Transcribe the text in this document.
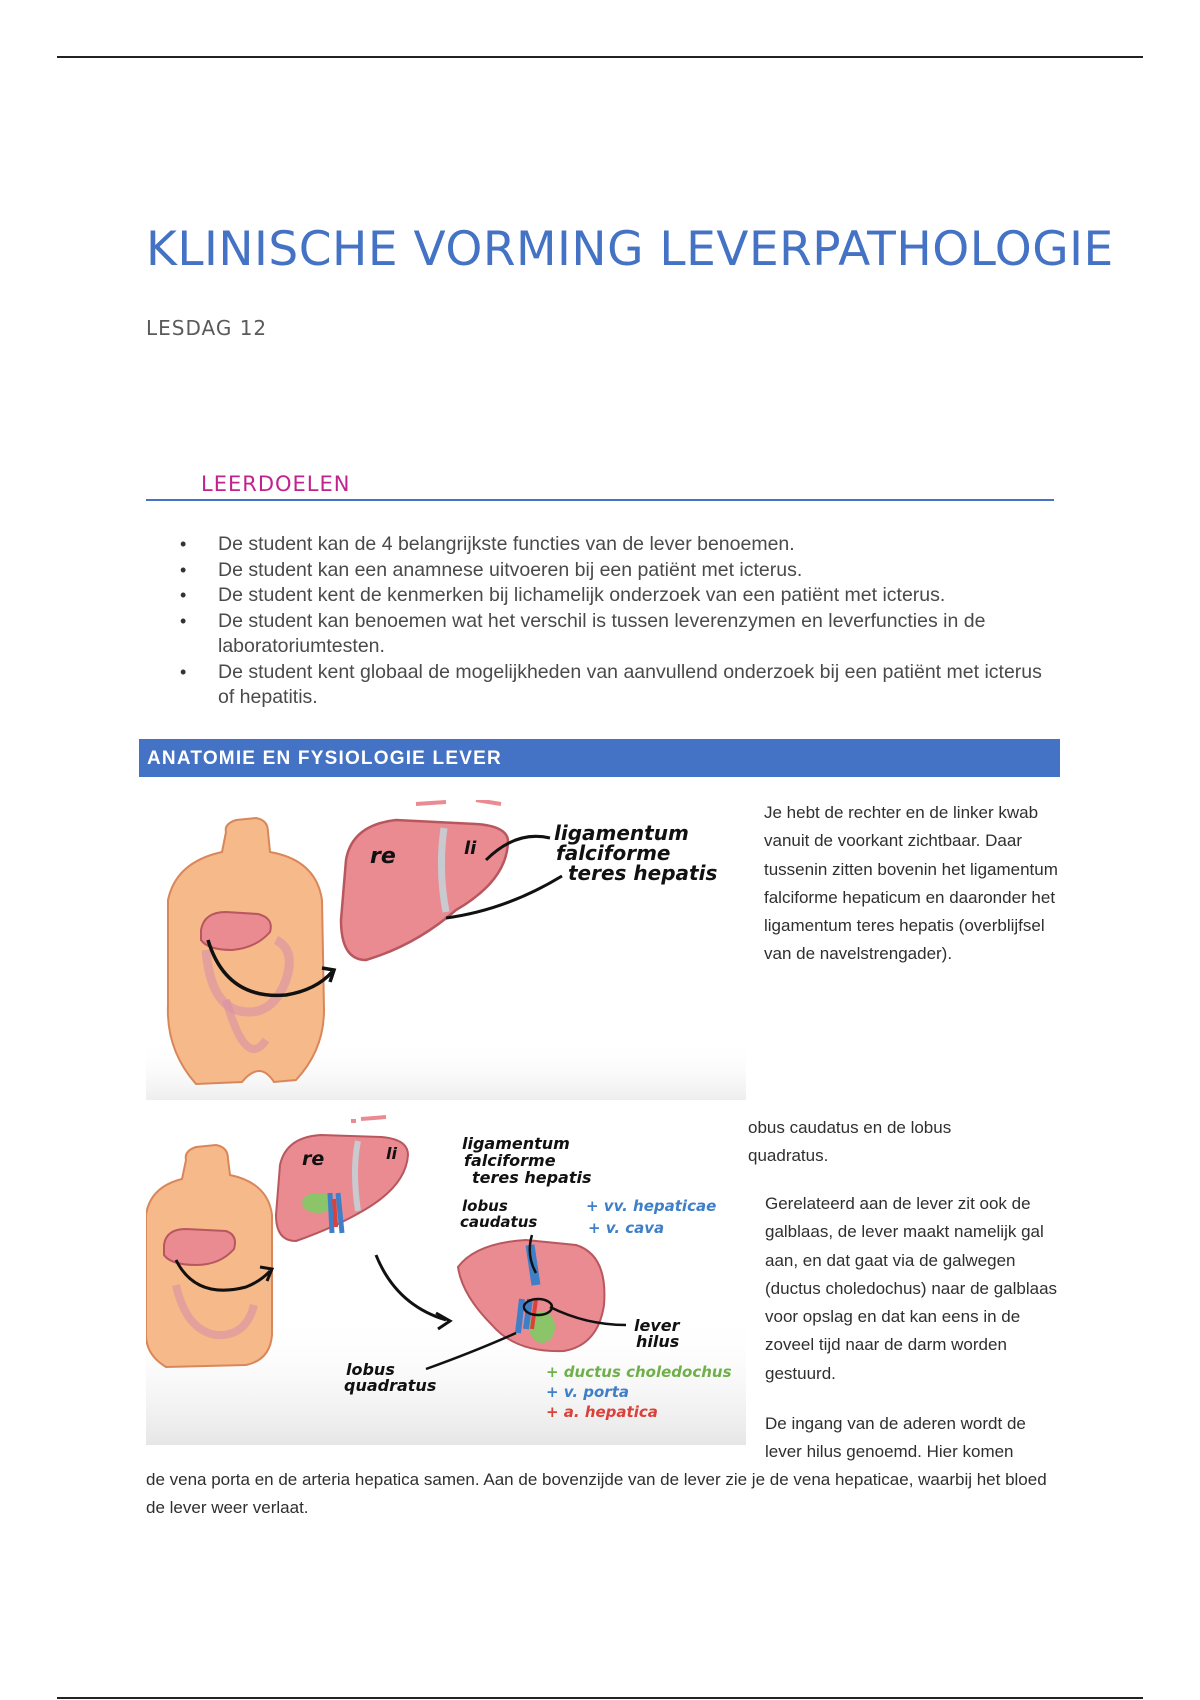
KLINISCHE VORMING LEVERPATHOLOGIE
LESDAG 12
LEERDOELEN
• De student kan de 4 belangrijkste functies van de lever benoemen.
• De student kan een anamnese uitvoeren bij een patiënt met icterus.
• De student kent de kenmerken bij lichamelijk onderzoek van een patiënt met icterus.
• De student kan benoemen wat het verschil is tussen leverenzymen en leverfuncties in de laboratoriumtesten.
• De student kent globaal de mogelijkheden van aanvullend onderzoek bij een patiënt met icterus of hepatitis.
ANATOMIE EN FYSIOLOGIE LEVER
re	li
ligamentum
falciforme
teres hepatis

Je hebt de rechter en de linker kwab vanuit de voorkant zichtbaar. Daar tussenin zitten bovenin het ligamentum falciforme hepaticum en daaronder het ligamentum teres hepatis (overblijfsel van de navelstrengader).

re	li
ligamentum
falciforme
teres hepatis
lobus
caudatus
+ vv. hepaticae
+ v. cava
lever
hilus
lobus
quadratus
+ ductus choledochus
+ v. porta
+ a. hepatica

obus caudatus en de lobus quadratus.

Gerelateerd aan de lever zit ook de galblaas, de lever maakt namelijk gal aan, en dat gaat via de galwegen (ductus choledochus) naar de galblaas voor opslag en dat kan eens in de zoveel tijd naar de darm worden gestuurd.

De ingang van de aderen wordt de lever hilus genoemd. Hier komen

de vena porta en de arteria hepatica samen. Aan de bovenzijde van de lever zie je de vena hepaticae, waarbij het bloed de lever weer verlaat.
